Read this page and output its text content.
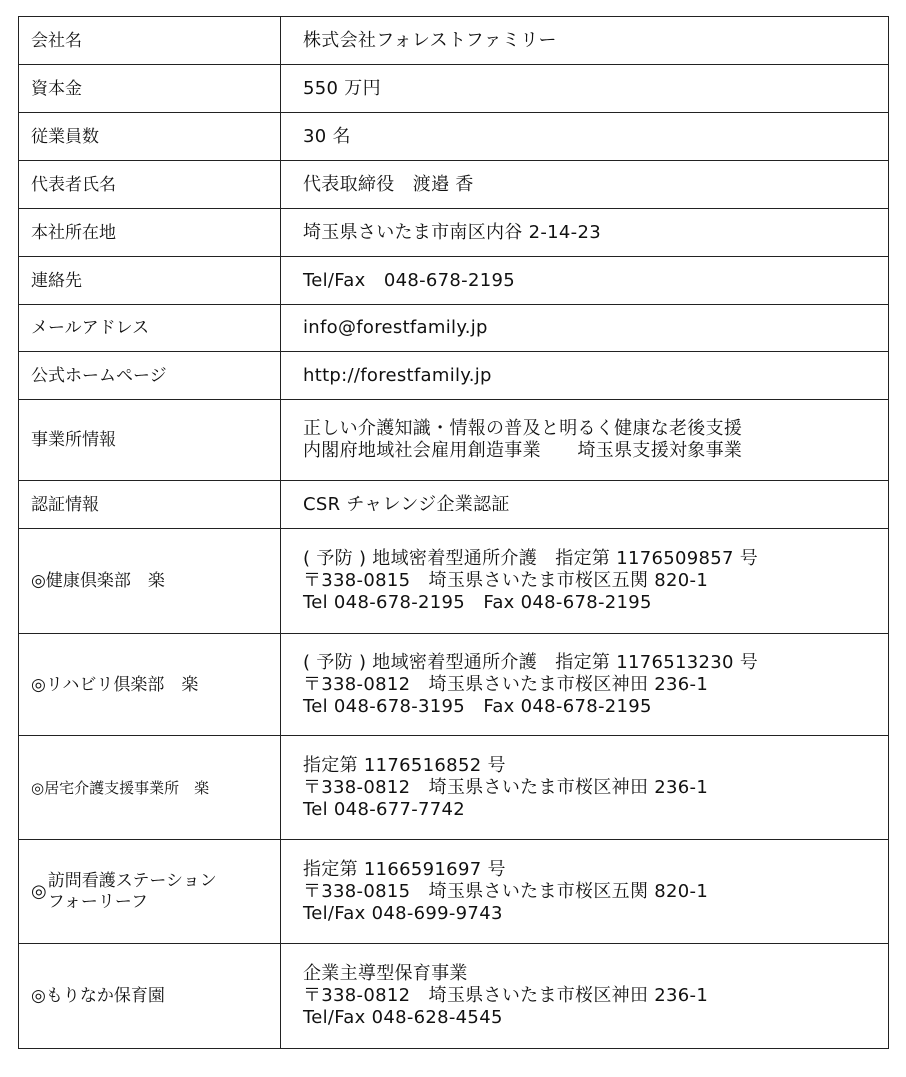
会社名	株式会社フォレストファミリー

資本金	550 万円

従業員数	30 名

代表者氏名	代表取締役　渡邉 香

本社所在地	埼玉県さいたま市南区内谷 2-14-23

連絡先	Tel/Fax　048-678-2195

メールアドレス	info@forestfamily.jp

公式ホームページ	http://forestfamily.jp

事業所情報	正しい介護知識・情報の普及と明るく健康な老後支援
内閣府地域社会雇用創造事業　　埼玉県支援対象事業

認証情報	CSR チャレンジ企業認証

◎健康倶楽部　楽	( 予防 ) 地域密着型通所介護　指定第 1176509857 号
〒338-0815　埼玉県さいたま市桜区五関 820-1
Tel 048-678-2195　Fax 048-678-2195

◎リハビリ倶楽部　楽	( 予防 ) 地域密着型通所介護　指定第 1176513230 号
〒338-0812　埼玉県さいたま市桜区神田 236-1
Tel 048-678-3195　Fax 048-678-2195

◎居宅介護支援事業所　楽	指定第 1176516852 号
〒338-0812　埼玉県さいたま市桜区神田 236-1
Tel 048-677-7742

◎ 訪問看護ステーション
フォーリーフ	指定第 1166591697 号
〒338-0815　埼玉県さいたま市桜区五関 820-1
Tel/Fax 048-699-9743

◎もりなか保育園	企業主導型保育事業
〒338-0812　埼玉県さいたま市桜区神田 236-1
Tel/Fax 048-628-4545
